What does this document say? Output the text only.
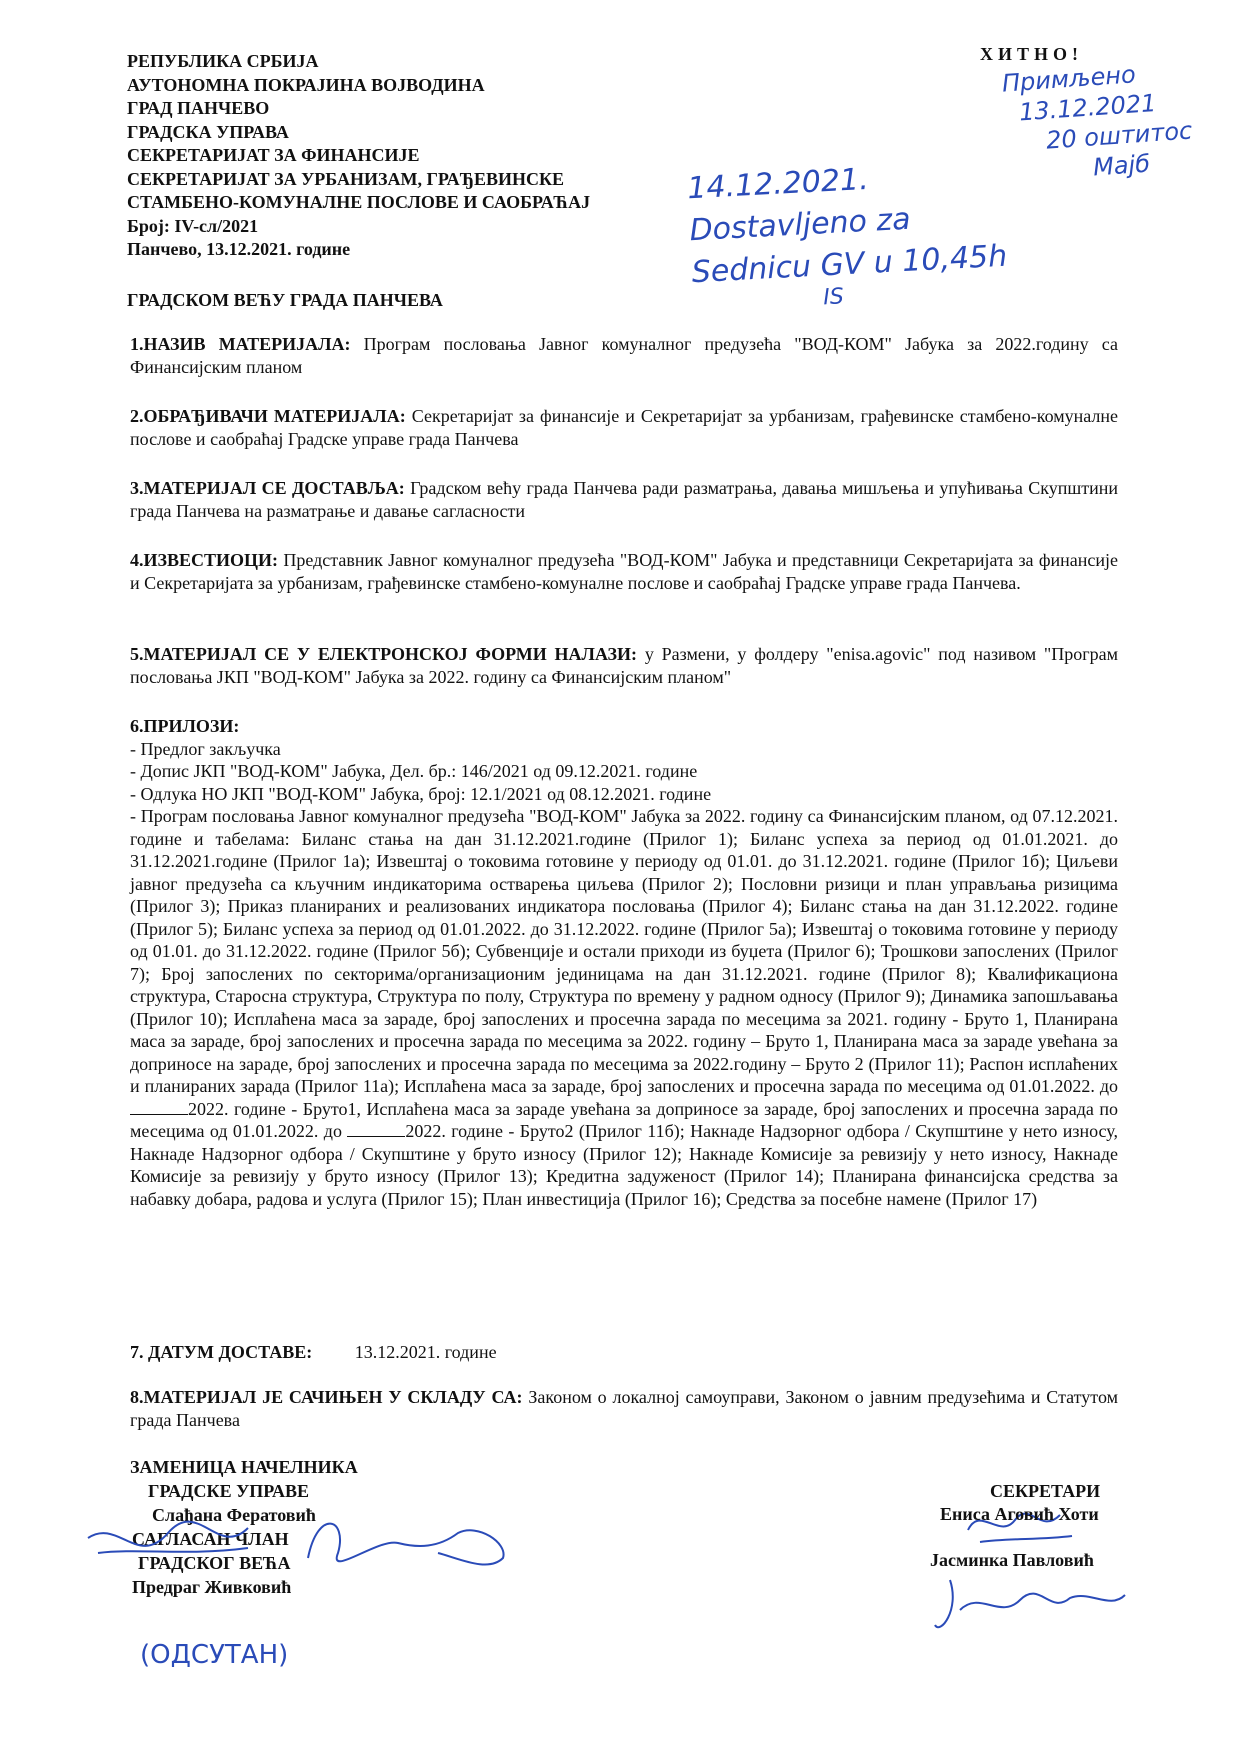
РЕПУБЛИКА СРБИЈА
АУТОНОМНА ПОКРАЈИНА ВОЈВОДИНА
ГРАД ПАНЧЕВО
ГРАДСКА УПРАВА
СЕКРЕТАРИЈАТ ЗА ФИНАНСИЈЕ
СЕКРЕТАРИЈАТ ЗА УРБАНИЗАМ, ГРАЂЕВИНСКЕ
СТАМБЕНО-КОМУНАЛНЕ ПОСЛОВЕ И САОБРАЋАЈ
Број: IV-сл/2021
Панчево, 13.12.2021. године
ХИТНО!
Примљено
13.12.2021
20 oштитос
Мајб
14.12.2021.
Dostavljeno za
Sednicu GV u 10,45h
IS
ГРАДСКОМ ВЕЋУ ГРАДА ПАНЧЕВА
1.НАЗИВ МАТЕРИЈАЛА: Програм пословања Јавног комуналног предузећа "ВОД-КОМ" Јабука за 2022.годину са Финансијским планом
2.ОБРАЂИВАЧИ МАТЕРИЈАЛА: Секретаријат за финансије и Секретаријат за урбанизам, грађевинске стамбено-комуналне послове и саобраћај Градске управе града Панчева
3.МАТЕРИЈАЛ СЕ ДОСТАВЉА: Градском већу града Панчева ради разматрања, давања мишљења и упућивања Скупштини града Панчева на разматрање и давање сагласности
4.ИЗВЕСТИОЦИ: Представник Јавног комуналног предузећа "ВОД-КОМ" Јабука и представници Секретаријата за финансије и Секретаријата за урбанизам, грађевинске стамбено-комуналне послове и саобраћај Градске управе града Панчева.
5.МАТЕРИЈАЛ СЕ У ЕЛЕКТРОНСКОЈ ФОРМИ НАЛАЗИ: у Размени, у фолдеру "enisa.agovic" под називом "Програм пословања ЈКП "ВОД-КОМ" Јабука за 2022. годину са Финансијским планом"
6.ПРИЛОЗИ:
- Предлог закључка
- Допис ЈКП "ВОД-КОМ" Јабука, Дел. бр.: 146/2021 од 09.12.2021. године
- Одлука НО ЈКП "ВОД-КОМ" Јабука, број: 12.1/2021 од 08.12.2021. године
- Програм пословања Јавног комуналног предузећа "ВОД-КОМ" Јабука за 2022. годину са Финансијским планом, од 07.12.2021. године и табелама: Биланс стања на дан 31.12.2021.године (Прилог 1); Биланс успеха за период од 01.01.2021. до 31.12.2021.године (Прилог 1а); Извештај о токовима готовине у периоду од 01.01. до 31.12.2021. године (Прилог 1б); Циљеви јавног предузећа са кључним индикаторима остварења циљева (Прилог 2); Пословни ризици и план управљања ризицима (Прилог 3); Приказ планираних и реализованих индикатора пословања (Прилог 4); Биланс стања на дан 31.12.2022. године (Прилог 5); Биланс успеха за период од 01.01.2022. до 31.12.2022. године (Прилог 5а); Извештај о токовима готовине у периоду од 01.01. до 31.12.2022. године (Прилог 5б); Субвенције и остали приходи из буџета (Прилог 6); Трошкови запослених (Прилог 7); Број запослених по секторима/организационим јединицама на дан 31.12.2021. године (Прилог 8); Квалификациона структура, Старосна структура, Структура по полу, Структура по времену у радном односу (Прилог 9); Динамика запошљавања (Прилог 10); Исплаћена маса за зараде, број запослених и просечна зарада по месецима за 2021. годину - Бруто 1, Планирана маса за зараде, број запослених и просечна зарада по месецима за 2022. годину – Бруто 1, Планирана маса за зараде увећана за доприносе на зараде, број запослених и просечна зарада по месецима за 2022.годину – Бруто 2 (Прилог 11); Распон исплаћених и планираних зарада (Прилог 11а); Исплаћена маса за зараде, број запослених и просечна зарада по месецима од 01.01.2022. до 2022. године - Бруто1, Исплаћена маса за зараде увећана за доприносе за зараде, број запослених и просечна зарада по месецима од 01.01.2022. до	2022. године - Бруто2 (Прилог 11б); Накнаде Надзорног одбора / Скупштине у нето износу, Накнаде Надзорног одбора / Скупштине у бруто износу (Прилог 12); Накнаде Комисије за ревизију у нето износу, Накнаде Комисије за ревизију у бруто износу (Прилог 13); Кредитна задуженост (Прилог 14); Планирана финансијска средства за набавку добара, радова и услуга (Прилог 15); План инвестиција (Прилог 16); Средства за посебне намене (Прилог 17)
7. ДАТУМ ДОСТАВЕ: 13.12.2021. године
8.МАТЕРИЈАЛ ЈЕ САЧИЊЕН У СКЛАДУ СА: Законом о локалној самоуправи, Законом о јавним предузећима и Статутом града Панчева
ЗАМЕНИЦА НАЧЕЛНИКА
ГРАДСКЕ УПРАВЕ
Слађана Фератовић
САГЛАСАН ЧЛАН
ГРАДСКОГ ВЕЋА
Предраг Живковић
СЕКРЕТАРИ
Ениса Аговић Хоти
Јасминка Павловић
(ОДСУТАН)
